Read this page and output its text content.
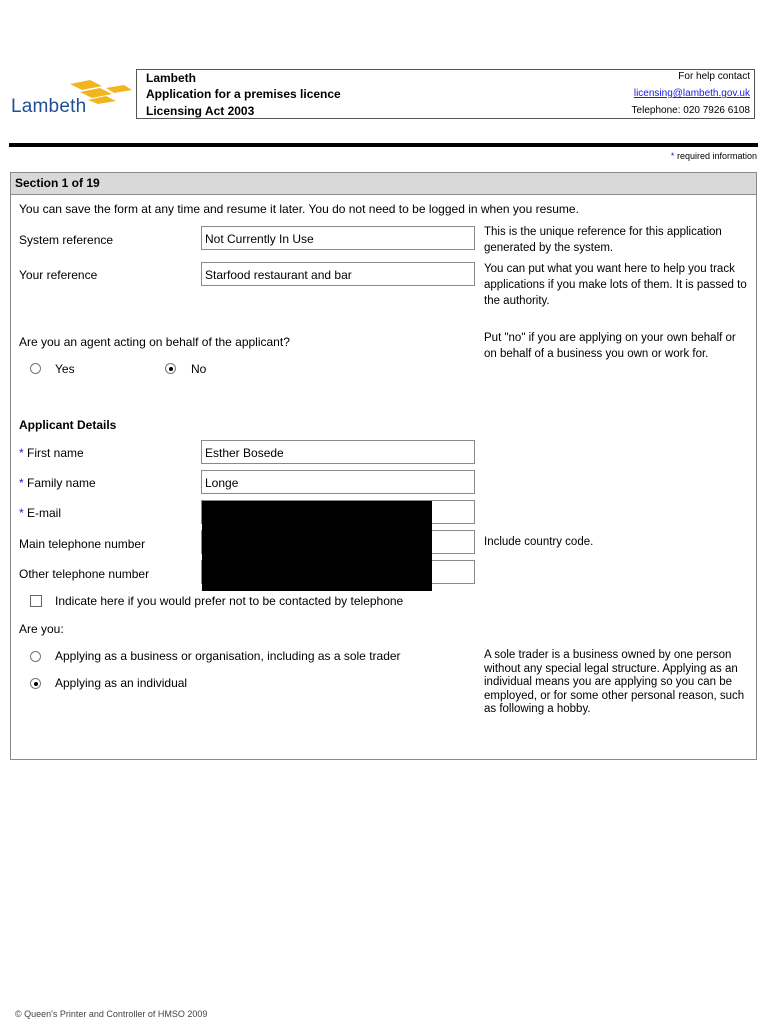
Lambeth
Lambeth
Application for a premises licence
Licensing Act 2003
For help contact
licensing@lambeth.gov.uk
Telephone: 020 7926 6108
* required information
Section 1 of 19
You can save the form at any time and resume it later. You do not need to be logged in when you resume.
System reference	Not Currently In Use	This is the unique reference for this application generated by the system.
Your reference	Starfood restaurant and bar	You can put what you want here to help you track applications if you make lots of them. It is passed to the authority.
Are you an agent acting on behalf of the applicant?	Put "no" if you are applying on your own behalf or on behalf of a business you own or work for.
Yes	No
Applicant Details
* First name	Esther Bosede
* Family name	Longe
* E-mail
Main telephone number	Include country code.
Other telephone number
Indicate here if you would prefer not to be contacted by telephone
Are you:
Applying as a business or organisation, including as a sole trader
Applying as an individual
A sole trader is a business owned by one person without any special legal structure. Applying as an individual means you are applying so you can be employed, or for some other personal reason, such as following a hobby.
© Queen's Printer and Controller of HMSO 2009
